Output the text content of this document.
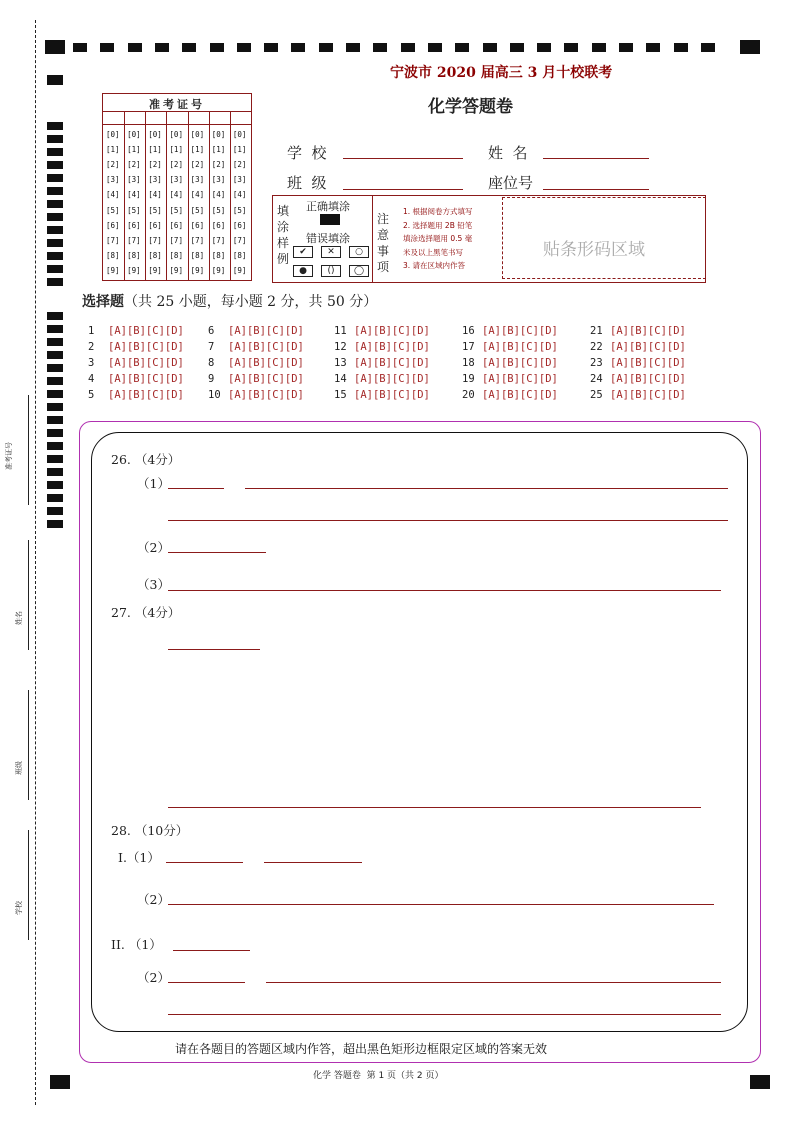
准考证号
姓名
班级
学校
宁波市 2020 届高三 3 月十校联考
化学答题卷
准考证号
[0] [0] [0] [0] [0] [0] [0]
[1] [1] [1] [1] [1] [1] [1]
[2] [2] [2] [2] [2] [2] [2]
[3] [3] [3] [3] [3] [3] [3]
[4] [4] [4] [4] [4] [4] [4]
[5] [5] [5] [5] [5] [5] [5]
[6] [6] [6] [6] [6] [6] [6]
[7] [7] [7] [7] [7] [7] [7]
[8] [8] [8] [8] [8] [8] [8]
[9] [9] [9] [9] [9] [9] [9]
学  校	姓  名
班  级	座位号
贴条形码区域
填
涂
样
例
正确填涂
错误填涂
✔	✕	○
●	()	◯
注
意
事
项
1. 根据阅卷方式填写
2. 选择题用 2B 铅笔
填涂选择题用 0.5 毫
米及以上黑笔书写
3. 请在区域内作答
选择题（共 25 小题，每小题 2 分，共 50 分）
1 [A][B][C][D]
2 [A][B][C][D]
3 [A][B][C][D]
4 [A][B][C][D]
5 [A][B][C][D]
6 [A][B][C][D]
7 [A][B][C][D]
8 [A][B][C][D]
9 [A][B][C][D]
10 [A][B][C][D]
11 [A][B][C][D]
12 [A][B][C][D]
13 [A][B][C][D]
14 [A][B][C][D]
15 [A][B][C][D]
16 [A][B][C][D]
17 [A][B][C][D]
18 [A][B][C][D]
19 [A][B][C][D]
20 [A][B][C][D]
21 [A][B][C][D]
22 [A][B][C][D]
23 [A][B][C][D]
24 [A][B][C][D]
25 [A][B][C][D]
26. （4分）
（1）
（2）
（3）
27. （4分）
28. （10分）
I.（1）
（2）
II. （1）
（2）
请在各题目的答题区域内作答，超出黑色矩形边框限定区域的答案无效
化学 答题卷  第 1 页（共 2 页）
